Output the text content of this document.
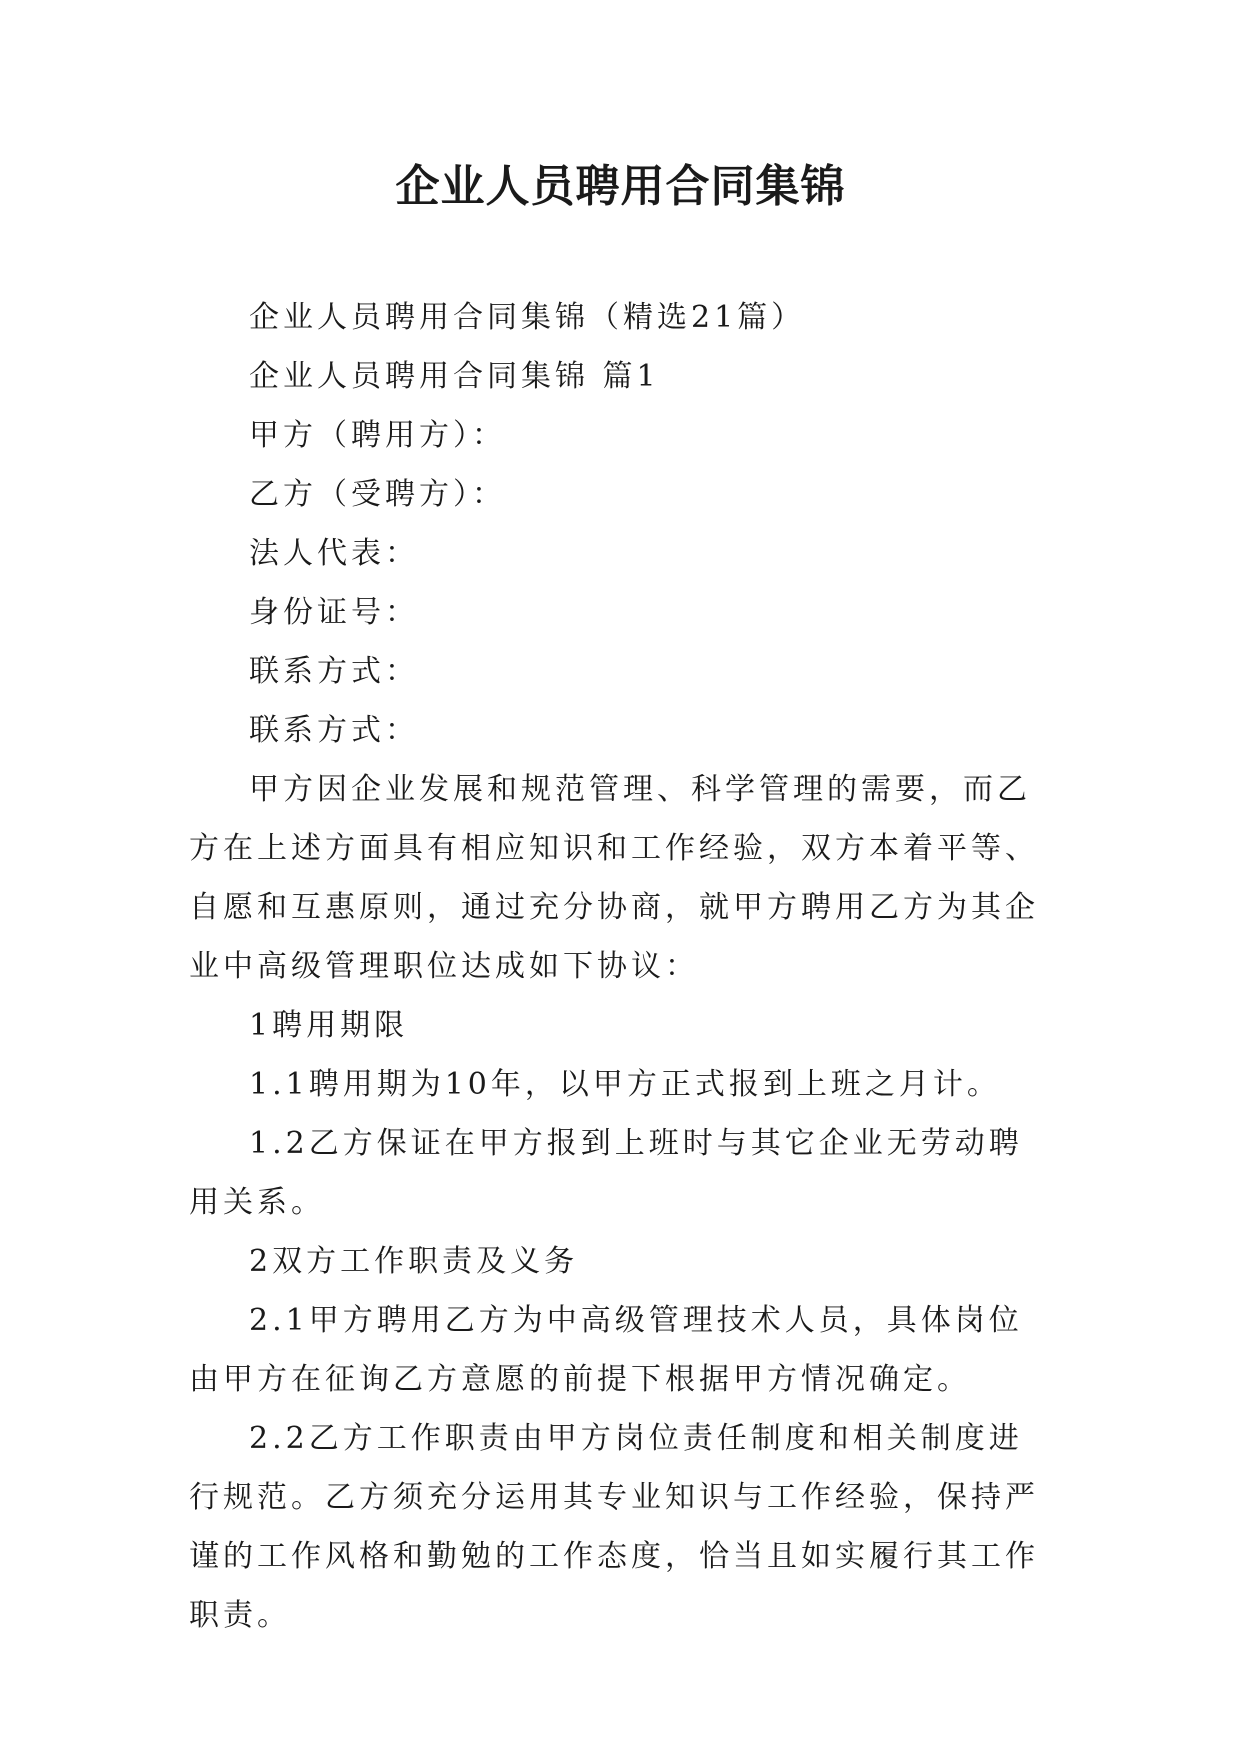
企业人员聘用合同集锦

企业人员聘用合同集锦（精选21篇）

企业人员聘用合同集锦 篇1

甲方（聘用方）：

乙方（受聘方）：

法人代表：

身份证号：

联系方式：

联系方式：

甲方因企业发展和规范管理、科学管理的需要，而乙方在上述方面具有相应知识和工作经验，双方本着平等、自愿和互惠原则，通过充分协商，就甲方聘用乙方为其企业中高级管理职位达成如下协议：

1聘用期限

1.1聘用期为10年，以甲方正式报到上班之月计。

1.2乙方保证在甲方报到上班时与其它企业无劳动聘用关系。

2双方工作职责及义务

2.1甲方聘用乙方为中高级管理技术人员，具体岗位由甲方在征询乙方意愿的前提下根据甲方情况确定。

2.2乙方工作职责由甲方岗位责任制度和相关制度进行规范。乙方须充分运用其专业知识与工作经验，保持严谨的工作风格和勤勉的工作态度，恰当且如实履行其工作职责。
